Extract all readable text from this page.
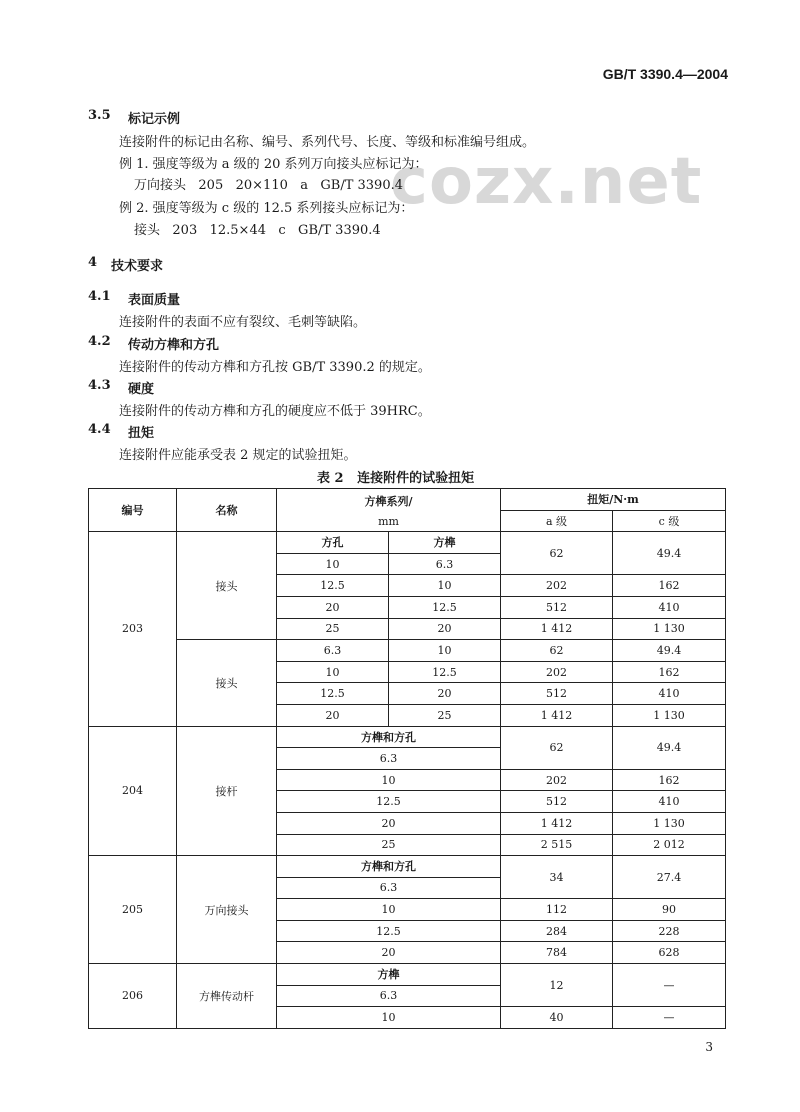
GB/T 3390.4—2004
cozx.net
3.5 标记示例
连接附件的标记由名称、编号、系列代号、长度、等级和标准编号组成。
例 1. 强度等级为 a 级的 20 系列万向接头应标记为：
万向接头   205   20×110   a   GB/T 3390.4
例 2. 强度等级为 c 级的 12.5 系列接头应标记为：
接头   203   12.5×44   c   GB/T 3390.4
4 技术要求
4.1 表面质量
连接附件的表面不应有裂纹、毛刺等缺陷。
4.2 传动方榫和方孔
连接附件的传动方榫和方孔按 GB/T 3390.2 的规定。
4.3 硬度
连接附件的传动方榫和方孔的硬度应不低于 39HRC。
4.4 扭矩
连接附件应能承受表 2 规定的试验扭矩。
表 2   连接附件的试验扭矩
编号	名称	方榫系列/
mm		扭矩/N·m	
				a 级	c 级
203	接头	方孔	方榫	62	49.4
		10	6.3		
		12.5	10	202	162
		20	12.5	512	410
		25	20	1 412	1 130
	接头	6.3	10	62	49.4
		10	12.5	202	162
		12.5	20	512	410
		20	25	1 412	1 130
204	接杆	方榫和方孔		62	49.4
		6.3			
		10		202	162
		12.5		512	410
		20		1 412	1 130
		25		2 515	2 012
205	万向接头	方榫和方孔		34	27.4
		6.3			
		10		112	90
		12.5		284	228
		20		784	628
206	方榫传动杆	方榫		12	—
		6.3			
		10		40	—
3
